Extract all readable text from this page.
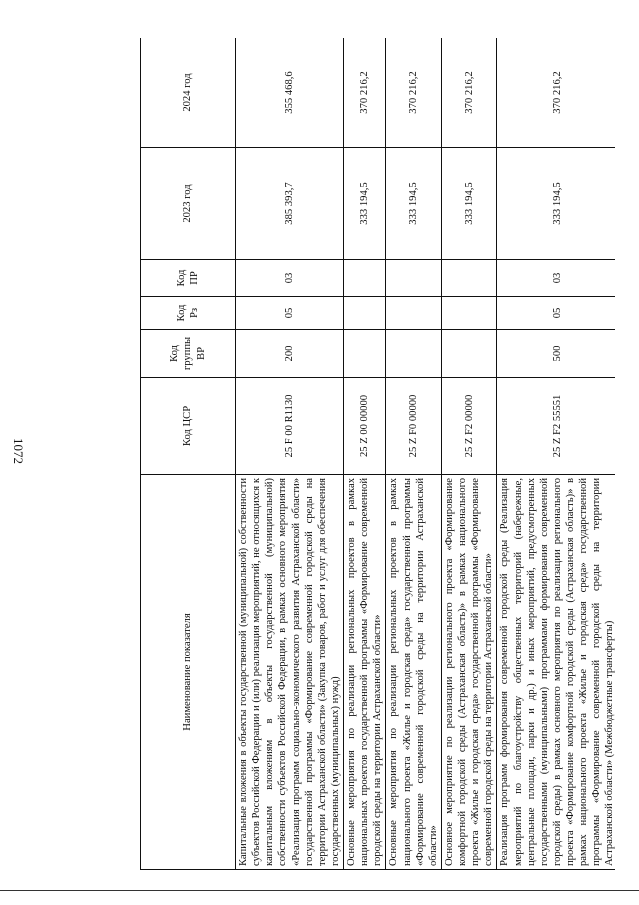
1072
Наименование показателя	Код ЦСР	Код группы ВР	Код Рз	Код ПР	2023 год	2024 год
Капитальные вложения в объекты государственной (муниципальной) собственности субъектов Российской Федерации и (или) реализация мероприятий, не относящихся к капитальным вложениям в объекты государственной (муниципальной) собственности субъектов Российской Федерации, в рамках основного мероприятия «Реализация программ социально-экономического развития Астраханской области» государственной программы «Формирование современной городской среды на территории Астраханской области» (Закупка товаров, работ и услуг для обеспечения государственных (муниципальных) нужд)	25 F 00 R1130	200	05	03	385 393,7	355 468,6
Основные мероприятия по реализации региональных проектов в рамках национальных проектов государственной программы «Формирование современной городской среды на территории Астраханской области»	25 Z 00 00000				333 194,5	370 216,2
Основные мероприятия по реализации региональных проектов в рамках национального проекта «Жилье и городская среда» государственной программы «Формирование современной городской среды на территории Астраханской области»	25 Z F0 00000				333 194,5	370 216,2
Основное мероприятие по реализации регионального проекта «Формирование комфортной городской среды (Астраханская область)» в рамках национального проекта «Жилье и городская среда» государственной программы «Формирование современной городской среды на территории Астраханской области»	25 Z F2 00000				333 194,5	370 216,2
Реализация программ формирования современной городской среды (Реализация мероприятий по благоустройству общественных территорий (набережные, центральные площади, парки и др.) и иных мероприятий, предусмотренных государственными (муниципальными) программами формирования современной городской среды) в рамках основного мероприятия по реализации регионального проекта «Формирование комфортной городской среды (Астраханская область)» в рамках национального проекта «Жилье и городская среда» государственной программы «Формирование современной городской среды на территории Астраханской области» (Межбюджетные трансферты)	25 Z F2 55551	500	05	03	333 194,5	370 216,2
